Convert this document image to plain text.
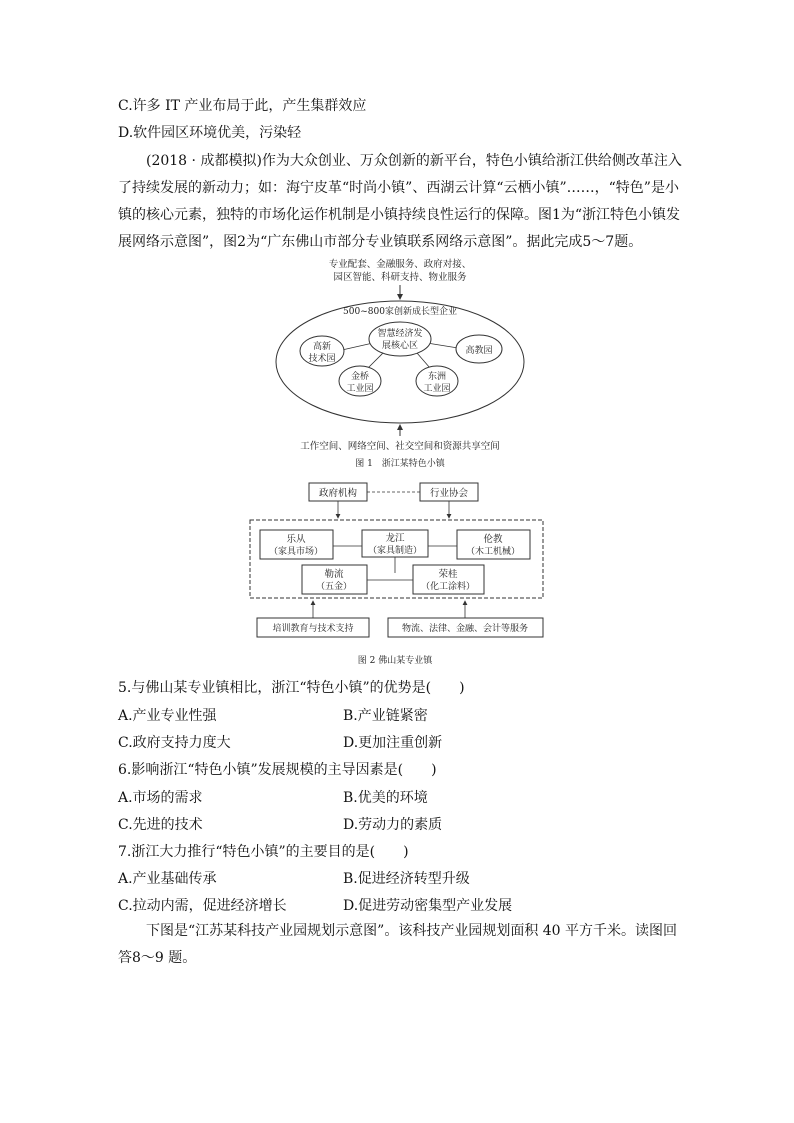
C.许多 IT 产业布局于此，产生集群效应
D.软件园区环境优美，污染轻
(2018 · 成都模拟)作为大众创业、万众创新的新平台，特色小镇给浙江供给侧改革注入了持续发展的新动力；如：海宁皮革“时尚小镇”、西湖云计算“云栖小镇”……，“特色”是小镇的核心元素，独特的市场化运作机制是小镇持续良性运行的保障。图1为“浙江特色小镇发展网络示意图”，图2为“广东佛山市部分专业镇联系网络示意图”。据此完成5～7题。
专业配套、金融服务、政府对接、
园区智能、科研支持、物业服务
500~800家创新成长型企业
智慧经济发
展核心区
高新
技术园
高教园
金桥
工业园
东洲
工业园
工作空间、网络空间、社交空间和资源共享空间
图 1　浙江某特色小镇
政府机构	行业协会
乐从
（家具市场）
龙江
（家具制造）
伦教
（木工机械）
勒流
（五金）
荣桂
（化工涂料）
培训教育与技术支持	物流、法律、金融、会计等服务
图 2 佛山某专业镇
5.与佛山某专业镇相比，浙江“特色小镇”的优势是(　　)
A.产业专业性强	B.产业链紧密
C.政府支持力度大	D.更加注重创新
6.影响浙江“特色小镇”发展规模的主导因素是(　　)
A.市场的需求	B.优美的环境
C.先进的技术	D.劳动力的素质
7.浙江大力推行“特色小镇”的主要目的是(　　)
A.产业基础传承	B.促进经济转型升级
C.拉动内需，促进经济增长	D.促进劳动密集型产业发展
下图是“江苏某科技产业园规划示意图”。该科技产业园规划面积 40 平方千米。读图回答8～9 题。
